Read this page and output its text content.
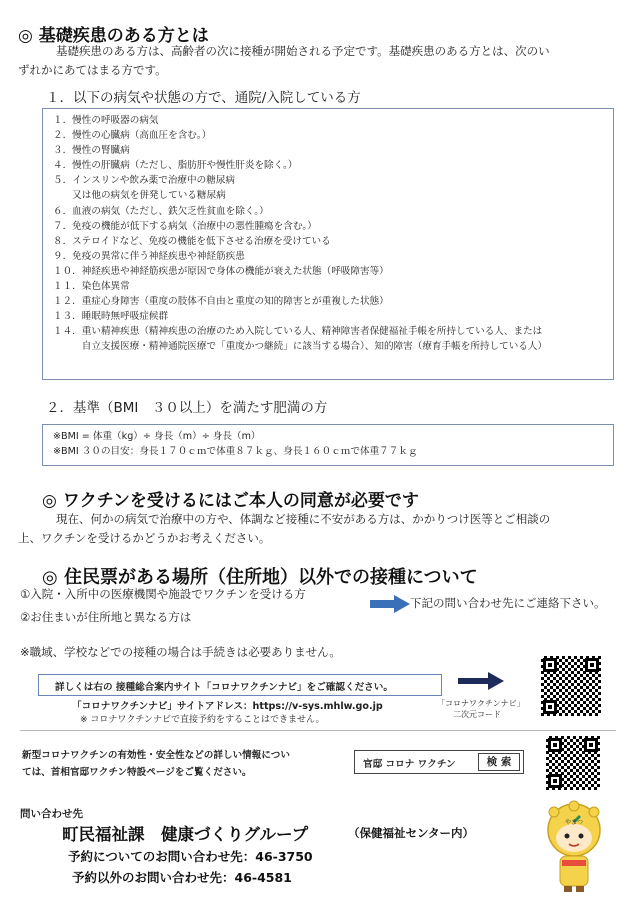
◎ 基礎疾患のある方とは
基礎疾患のある方は、高齢者の次に接種が開始される予定です。基礎疾患のある方とは、次のい
ずれかにあてはまる方です。
１．以下の病気や状態の方で、通院/入院している方
１．慢性の呼吸器の病気
２．慢性の心臓病（高血圧を含む。）
３．慢性の腎臓病
４．慢性の肝臓病（ただし、脂肪肝や慢性肝炎を除く。）
５．インスリンや飲み薬で治療中の糖尿病
　　又は他の病気を併発している糖尿病
６．血液の病気（ただし、鉄欠乏性貧血を除く。）
７．免疫の機能が低下する病気（治療中の悪性腫瘍を含む。）
８．ステロイドなど、免疫の機能を低下させる治療を受けている
９．免疫の異常に伴う神経疾患や神経筋疾患
１０．神経疾患や神経筋疾患が原因で身体の機能が衰えた状態（呼吸障害等）
１１．染色体異常
１２．重症心身障害（重度の肢体不自由と重度の知的障害とが重複した状態）
１３．睡眠時無呼吸症候群
１４．重い精神疾患（精神疾患の治療のため入院している人、精神障害者保健福祉手帳を所持している人、または
　　　自立支援医療・精神通院医療で「重度かつ継続」に該当する場合）、知的障害（療育手帳を所持している人）
２．基準（BMI　３０以上）を満たす肥満の方
※BMI = 体重（kg）÷ 身長（m）÷ 身長（m）
※BMI ３０の目安：身長１７０ｃｍで体重８７ｋｇ、身長１６０ｃｍで体重７７ｋｇ
◎ ワクチンを受けるにはご本人の同意が必要です
現在、何かの病気で治療中の方や、体調など接種に不安がある方は、かかりつけ医等とご相談の
上、ワクチンを受けるかどうかお考えください。
◎ 住民票がある場所（住所地）以外での接種について
①入院・入所中の医療機関や施設でワクチンを受ける方
②お住まいが住所地と異なる方は
下記の問い合わせ先にご連絡下さい。
※職域、学校などでの接種の場合は手続きは必要ありません。
詳しくは右の 接種総合案内サイト「コロナワクチンナビ」をご確認ください。
「コロナワクチンナビ」サイトアドレス：https://v-sys.mhlw.go.jp
※ コロナワクチンナビで直接予約をすることはできません。
「コロナワクチンナビ」
二次元コード
新型コロナワクチンの有効性・安全性などの詳しい情報につい
ては、首相官邸ワクチン特設ページをご覧ください。
官邸 コロナ ワクチン	検 索
問い合わせ先
町民福祉課　健康づくりグループ	（保健福祉センター内）
予約についてのお問い合わせ先：46-3750
予約以外のお問い合わせ先：46-4581
やまつ
